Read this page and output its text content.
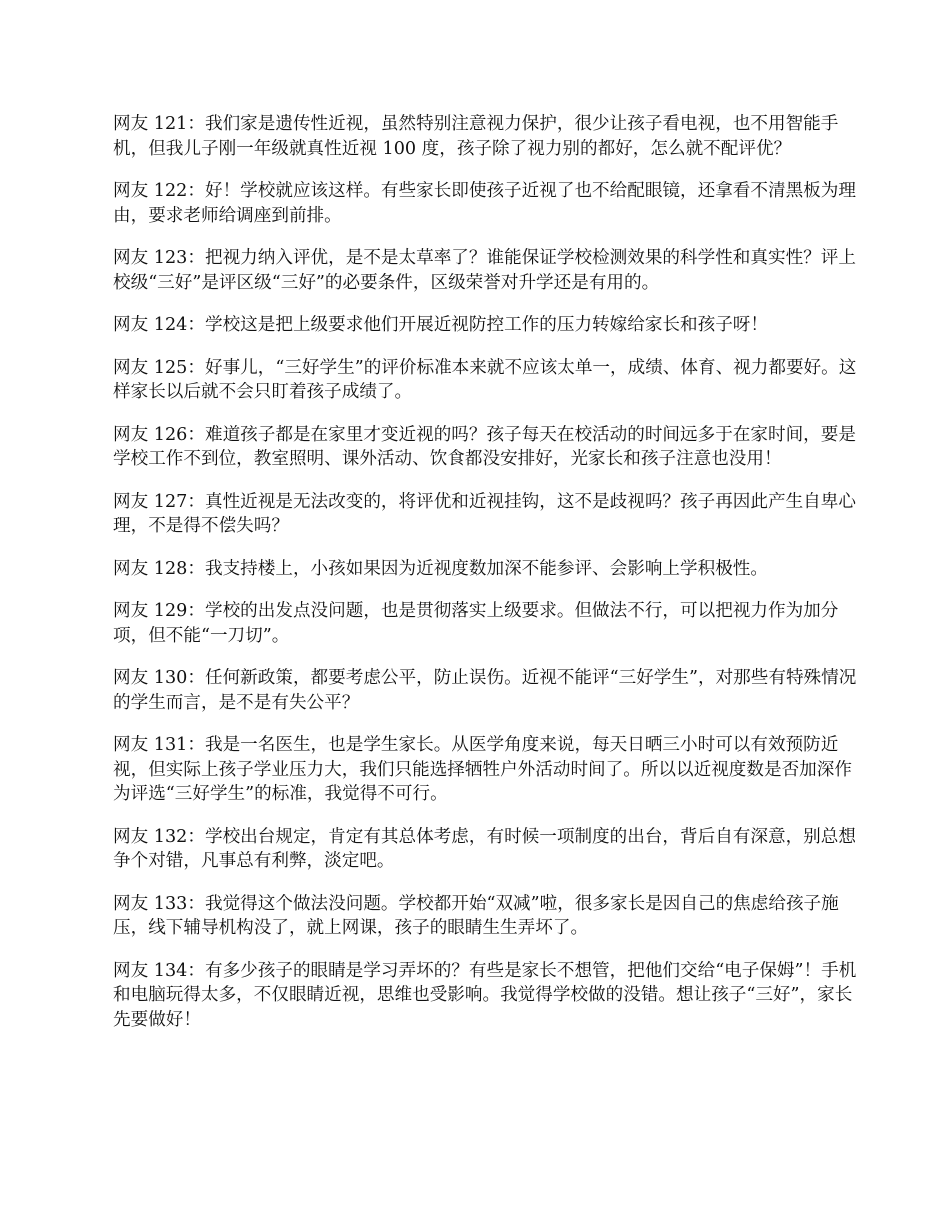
网友 121：我们家是遗传性近视，虽然特别注意视力保护，很少让孩子看电视，也不用智能手机，但我儿子刚一年级就真性近视 100 度，孩子除了视力别的都好，怎么就不配评优？

网友 122：好！学校就应该这样。有些家长即使孩子近视了也不给配眼镜，还拿看不清黑板为理由，要求老师给调座到前排。

网友 123：把视力纳入评优，是不是太草率了？谁能保证学校检测效果的科学性和真实性？评上校级“三好”是评区级“三好”的必要条件，区级荣誉对升学还是有用的。

网友 124：学校这是把上级要求他们开展近视防控工作的压力转嫁给家长和孩子呀！

网友 125：好事儿，“三好学生”的评价标准本来就不应该太单一，成绩、体育、视力都要好。这样家长以后就不会只盯着孩子成绩了。

网友 126：难道孩子都是在家里才变近视的吗？孩子每天在校活动的时间远多于在家时间，要是学校工作不到位，教室照明、课外活动、饮食都没安排好，光家长和孩子注意也没用！

网友 127：真性近视是无法改变的，将评优和近视挂钩，这不是歧视吗？孩子再因此产生自卑心理，不是得不偿失吗？

网友 128：我支持楼上，小孩如果因为近视度数加深不能参评、会影响上学积极性。

网友 129：学校的出发点没问题，也是贯彻落实上级要求。但做法不行，可以把视力作为加分项，但不能“一刀切”。

网友 130：任何新政策，都要考虑公平，防止误伤。近视不能评“三好学生”，对那些有特殊情况的学生而言，是不是有失公平？

网友 131：我是一名医生，也是学生家长。从医学角度来说，每天日晒三小时可以有效预防近视，但实际上孩子学业压力大，我们只能选择牺牲户外活动时间了。所以以近视度数是否加深作为评选“三好学生”的标准，我觉得不可行。

网友 132：学校出台规定，肯定有其总体考虑，有时候一项制度的出台，背后自有深意，别总想争个对错，凡事总有利弊，淡定吧。

网友 133：我觉得这个做法没问题。学校都开始“双减”啦，很多家长是因自己的焦虑给孩子施压，线下辅导机构没了，就上网课，孩子的眼睛生生弄坏了。

网友 134：有多少孩子的眼睛是学习弄坏的？有些是家长不想管，把他们交给“电子保姆”！手机和电脑玩得太多，不仅眼睛近视，思维也受影响。我觉得学校做的没错。想让孩子“三好”，家长先要做好！
